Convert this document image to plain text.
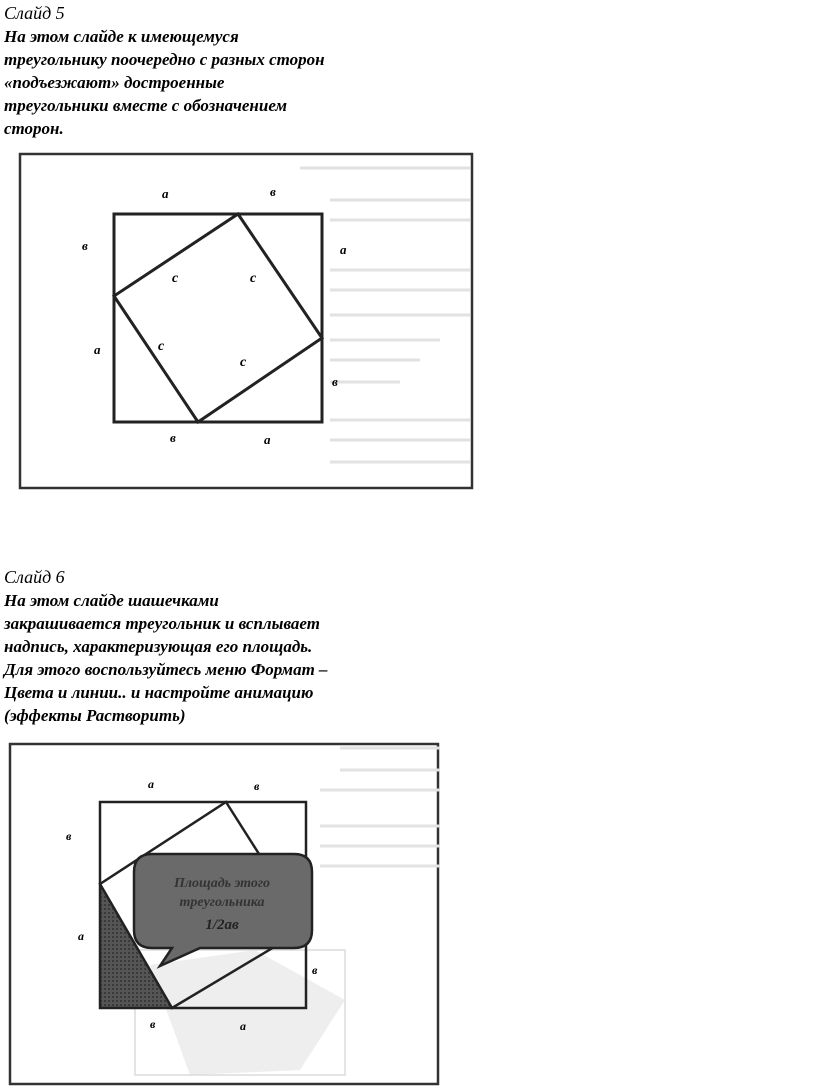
Слайд 5

На этом слайде к имеющемуся

треугольнику поочередно с разных сторон

«подъезжают» достроенные

треугольники вместе с обозначением

сторон.

а	в
в	а
с	с
а	с
с
в
в	а

Слайд 6

На этом слайде шашечками

закрашивается треугольник и всплывает

надпись, характеризующая его площадь.

Для этого воспользуйтесь меню Формат –

Цвета и линии.. и настройте анимацию

(эффекты Растворить)

а	в
в
а
в
в	а
Площадь этого
треугольника
1/2ав
